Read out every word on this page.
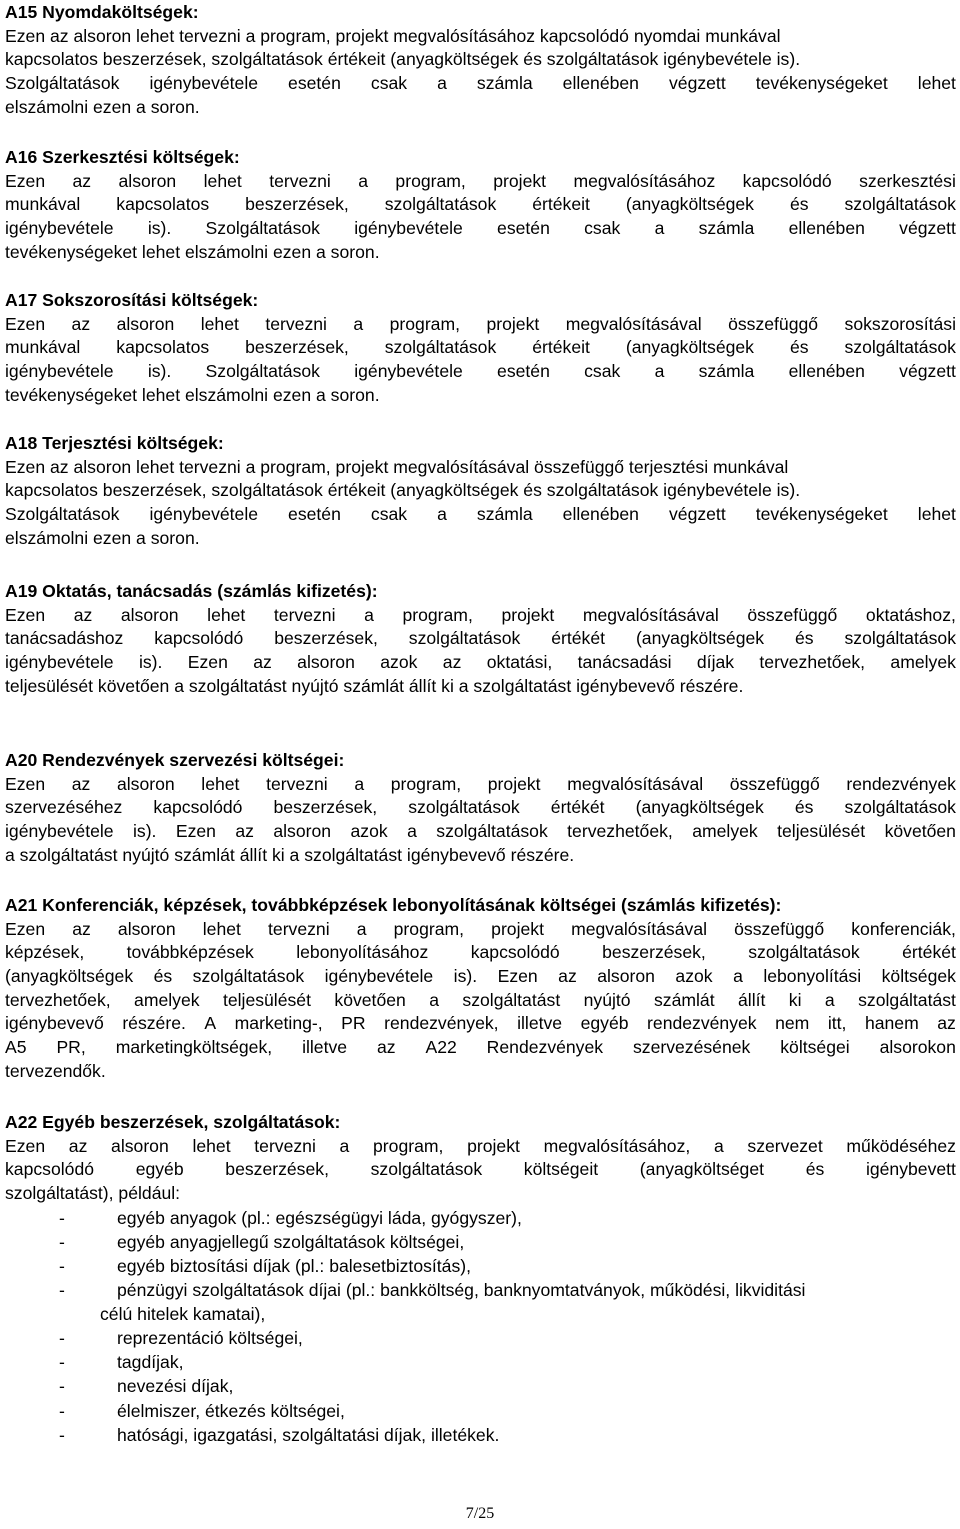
A15 Nyomdaköltségek:
Ezen az alsoron lehet tervezni a program, projekt megvalósításához kapcsolódó nyomdai munkával
kapcsolatos beszerzések, szolgáltatások értékeit (anyagköltségek és szolgáltatások igénybevétele is).
Szolgáltatások igénybevétele esetén csak a számla ellenében végzett tevékenységeket lehet
elszámolni ezen a soron.
A16 Szerkesztési költségek:
Ezen az alsoron lehet tervezni a program, projekt megvalósításához kapcsolódó szerkesztési
munkával kapcsolatos beszerzések, szolgáltatások értékeit (anyagköltségek és szolgáltatások
igénybevétele is). Szolgáltatások igénybevétele esetén csak a számla ellenében végzett
tevékenységeket lehet elszámolni ezen a soron.
A17 Sokszorosítási költségek:
Ezen az alsoron lehet tervezni a program, projekt megvalósításával összefüggő sokszorosítási
munkával kapcsolatos beszerzések, szolgáltatások értékeit (anyagköltségek és szolgáltatások
igénybevétele is). Szolgáltatások igénybevétele esetén csak a számla ellenében végzett
tevékenységeket lehet elszámolni ezen a soron.
A18 Terjesztési költségek:
Ezen az alsoron lehet tervezni a program, projekt megvalósításával összefüggő terjesztési munkával
kapcsolatos beszerzések, szolgáltatások értékeit (anyagköltségek és szolgáltatások igénybevétele is).
Szolgáltatások igénybevétele esetén csak a számla ellenében végzett tevékenységeket lehet
elszámolni ezen a soron.
A19 Oktatás, tanácsadás (számlás kifizetés):
Ezen az alsoron lehet tervezni a program, projekt megvalósításával összefüggő oktatáshoz,
tanácsadáshoz kapcsolódó beszerzések, szolgáltatások értékét (anyagköltségek és szolgáltatások
igénybevétele is). Ezen az alsoron azok az oktatási, tanácsadási díjak tervezhetőek, amelyek
teljesülését követően a szolgáltatást nyújtó számlát állít ki a szolgáltatást igénybevevő részére.
A20 Rendezvények szervezési költségei:
Ezen az alsoron lehet tervezni a program, projekt megvalósításával összefüggő rendezvények
szervezéséhez kapcsolódó beszerzések, szolgáltatások értékét (anyagköltségek és szolgáltatások
igénybevétele is). Ezen az alsoron azok a szolgáltatások tervezhetőek, amelyek teljesülését követően
a szolgáltatást nyújtó számlát állít ki a szolgáltatást igénybevevő részére.
A21 Konferenciák, képzések, továbbképzések lebonyolításának költségei (számlás kifizetés):
Ezen az alsoron lehet tervezni a program, projekt megvalósításával összefüggő konferenciák,
képzések, továbbképzések lebonyolításához kapcsolódó beszerzések, szolgáltatások értékét
(anyagköltségek és szolgáltatások igénybevétele is). Ezen az alsoron azok a lebonyolítási költségek
tervezhetőek, amelyek teljesülését követően a szolgáltatást nyújtó számlát állít ki a szolgáltatást
igénybevevő részére. A marketing-, PR rendezvények, illetve egyéb rendezvények nem itt, hanem az
A5 PR, marketingköltségek, illetve az A22 Rendezvények szervezésének költségei alsorokon
tervezendők.
A22 Egyéb beszerzések, szolgáltatások:
Ezen az alsoron lehet tervezni a program, projekt megvalósításához, a szervezet működéséhez
kapcsolódó egyéb beszerzések, szolgáltatások költségeit (anyagköltséget és igénybevett
szolgáltatást), például:
-	egyéb anyagok (pl.: egészségügyi láda, gyógyszer),
-	egyéb anyagjellegű szolgáltatások költségei,
-	egyéb biztosítási díjak (pl.: balesetbiztosítás),
-	pénzügyi szolgáltatások díjai (pl.: bankköltség, banknyomtatványok, működési, likviditási
célú hitelek kamatai),
-	reprezentáció költségei,
-	tagdíjak,
-	nevezési díjak,
-	élelmiszer, étkezés költségei,
-	hatósági, igazgatási, szolgáltatási díjak, illetékek.
7/25
